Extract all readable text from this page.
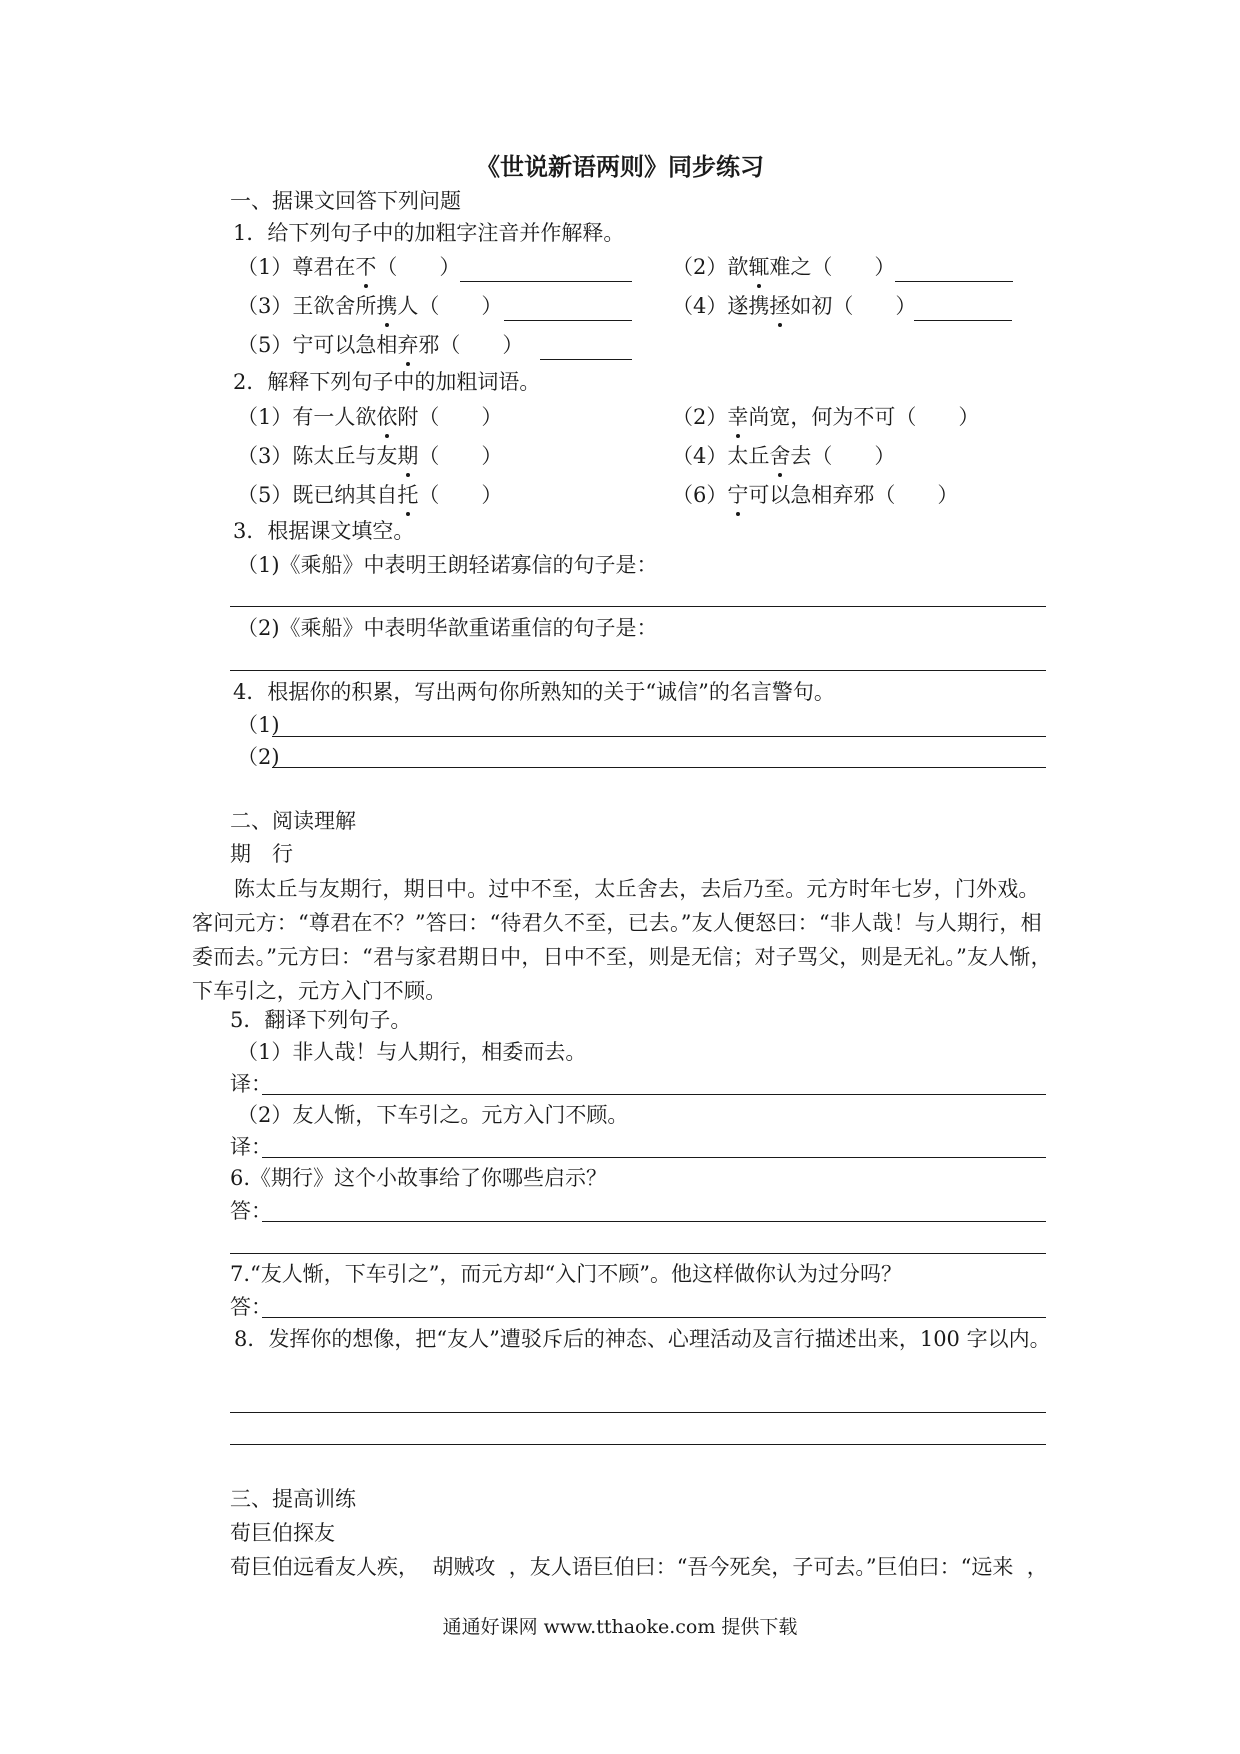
《世说新语两则》同步练习
一、据课文回答下列问题
1．给下列句子中的加粗字注音并作解释。
（1）尊君在不（　　）	（2）歆辄难之（　　）
（3）王欲舍所携人（　　）	（4）遂携拯如初（　　）
（5）宁可以急相弃邪（　　）
2．解释下列句子中的加粗词语。
（1）有一人欲依附（　　）	（2）幸尚宽，何为不可（　　）
（3）陈太丘与友期（　　）	（4）太丘舍去（　　）
（5）既已纳其自托（　　）	（6）宁可以急相弃邪（　　）
3．根据课文填空。
（1)《乘船》中表明王朗轻诺寡信的句子是：
（2)《乘船》中表明华歆重诺重信的句子是：
4．根据你的积累，写出两句你所熟知的关于“诚信”的名言警句。
（1)
（2)
二、阅读理解
期　行
陈太丘与友期行，期日中。过中不至，太丘舍去，去后乃至。元方时年七岁，门外戏。客问元方：“尊君在不？”答曰：“待君久不至，已去。”友人便怒曰：“非人哉！与人期行，相委而去。”元方曰：“君与家君期日中，日中不至，则是无信；对子骂父，则是无礼。”友人惭，下车引之，元方入门不顾。
5．翻译下列句子。
（1）非人哉！与人期行，相委而去。
译：
（2）友人惭，下车引之。元方入门不顾。
译：
6.《期行》这个小故事给了你哪些启示？
答：
7.“友人惭，下车引之”，而元方却“入门不顾”。他这样做你认为过分吗？
答：
8．发挥你的想像，把“友人”遭驳斥后的神态、心理活动及言行描述出来，100 字以内。
三、提高训练
荀巨伯探友
荀巨伯远看友人疾，  胡贼攻  ，友人语巨伯曰：“吾今死矣，子可去。”巨伯曰：“远来  ，
通通好课网 www.tthaoke.com 提供下载
